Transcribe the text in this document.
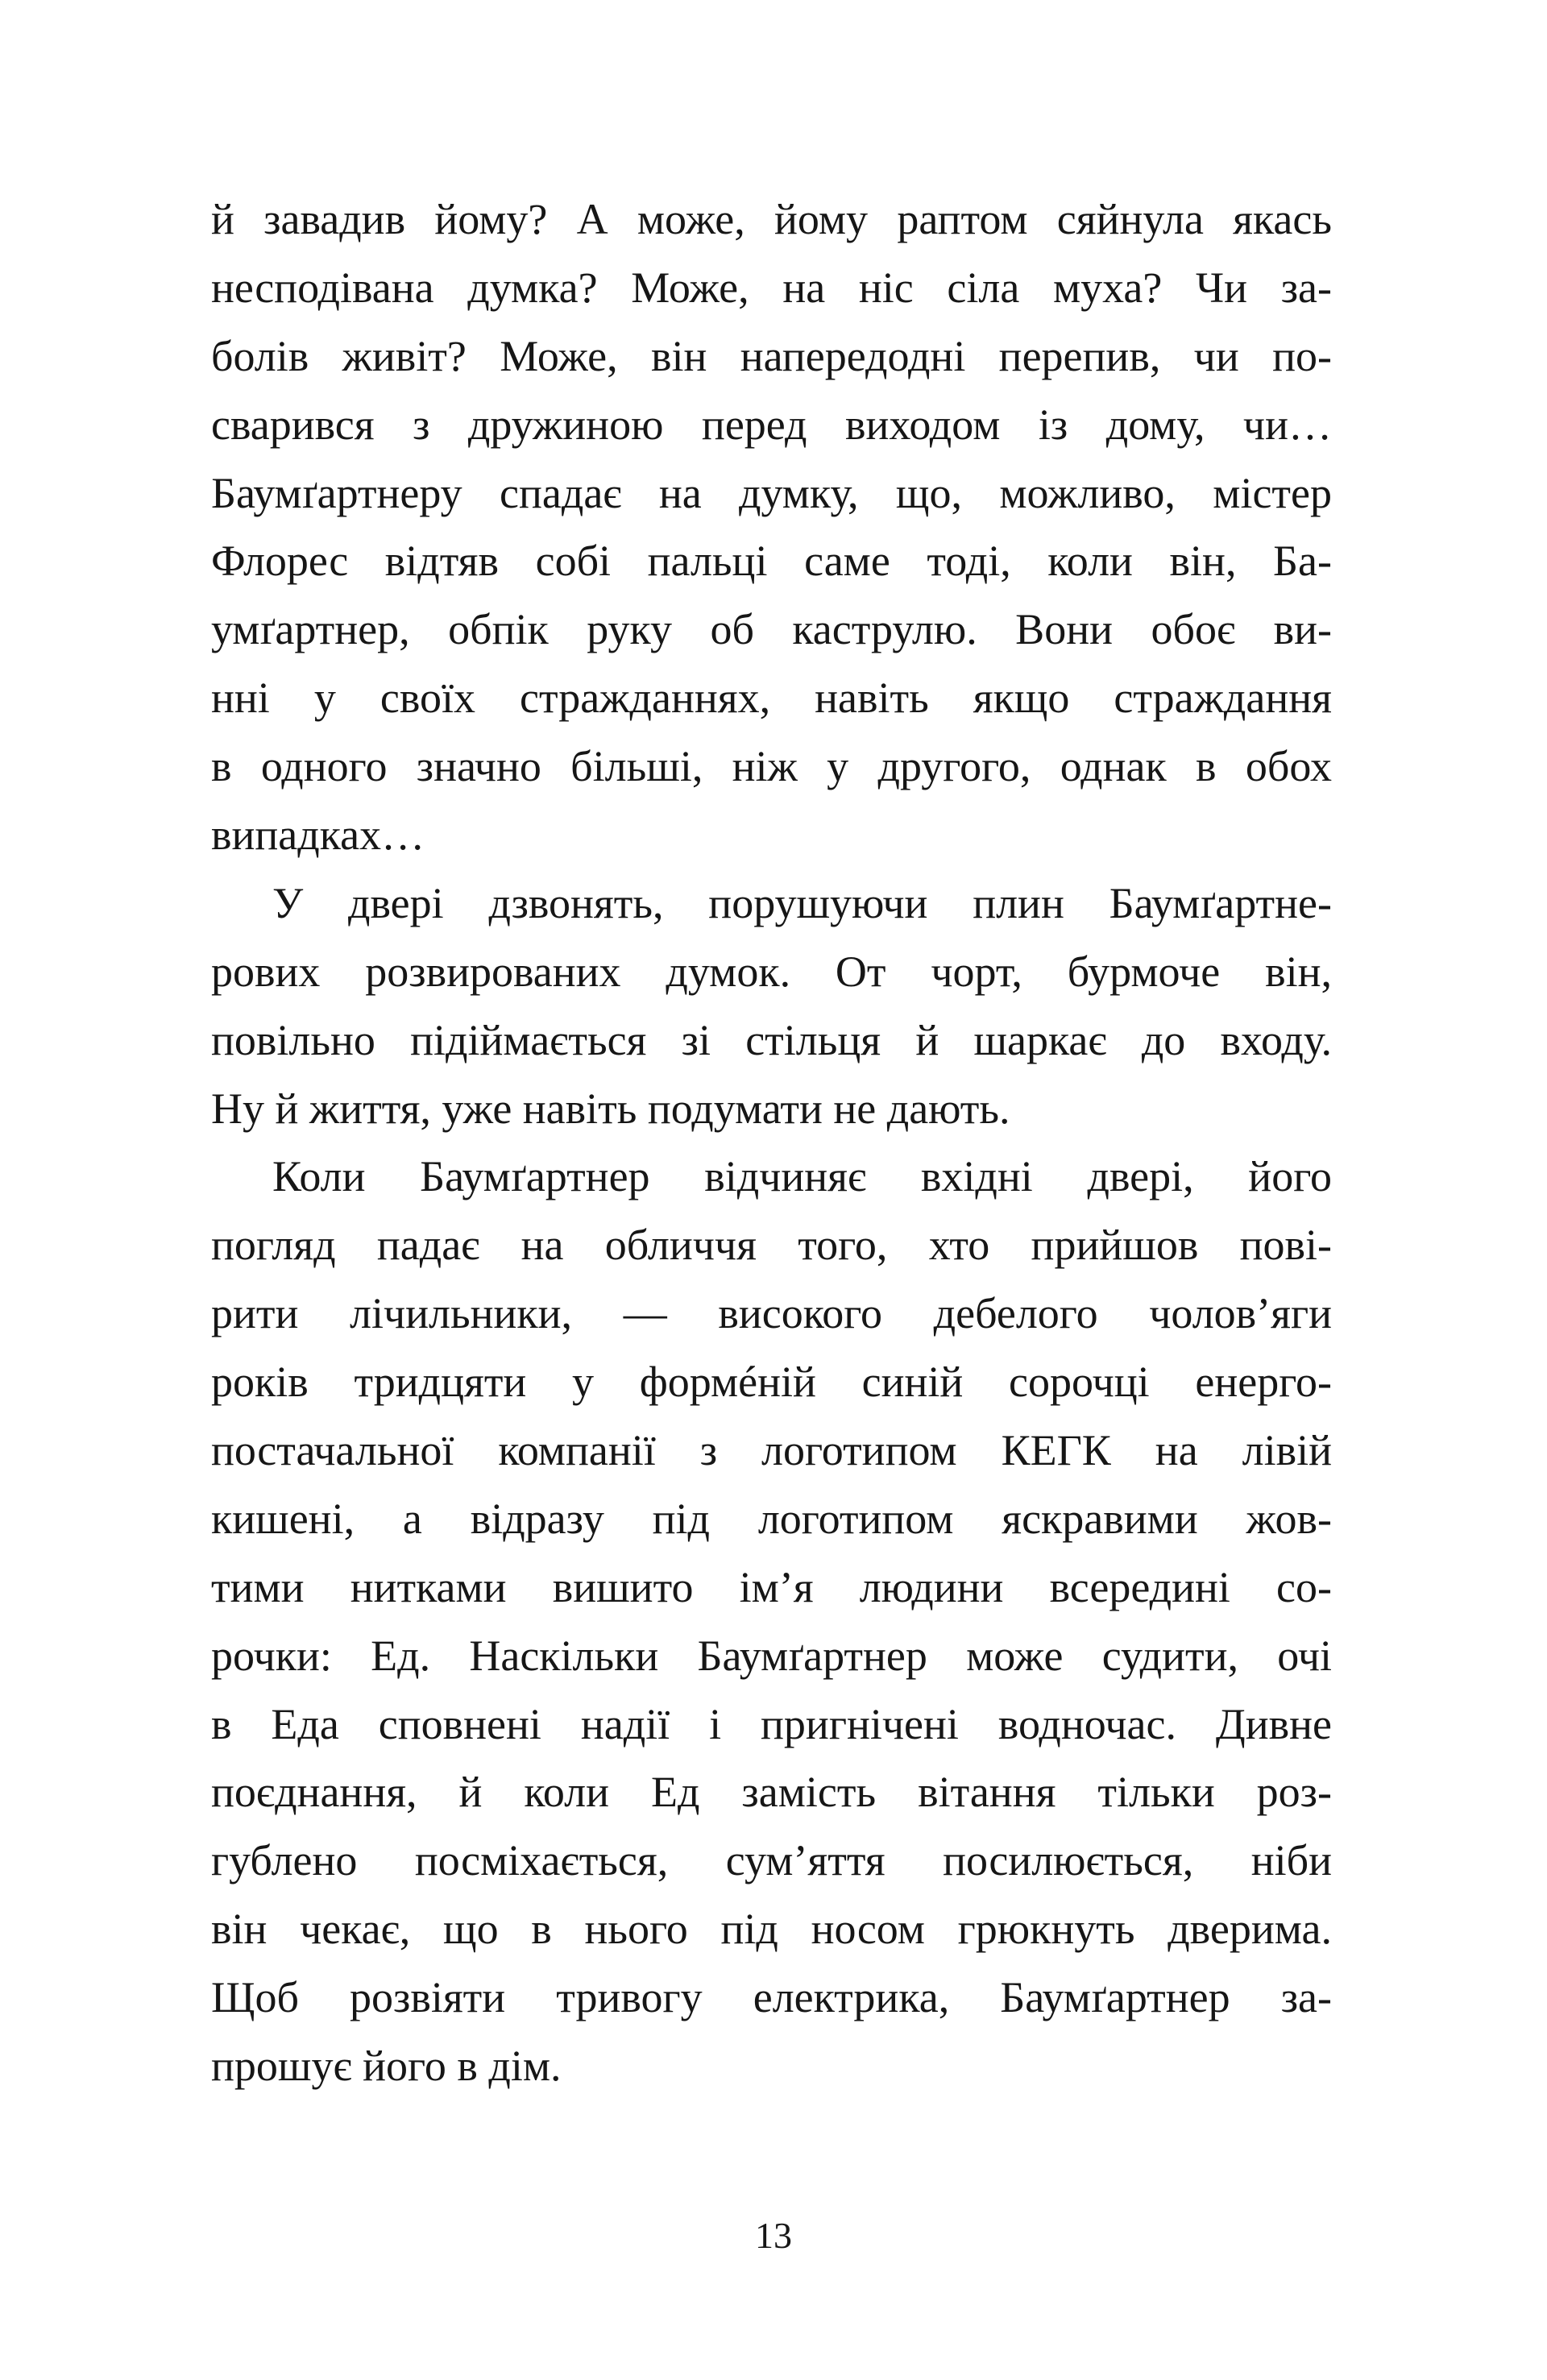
й завадив йому? А може, йому раптом сяйнула якась
несподівана думка? Може, на ніс сіла муха? Чи за-
болів живіт? Може, він напередодні перепив, чи по-
сварився з дружиною перед виходом із дому, чи…
Баумґартнеру спадає на думку, що, можливо, містер
Флорес відтяв собі пальці саме тоді, коли він, Ба-
умґартнер, обпік руку об каструлю. Вони обоє ви-
нні у своїх стражданнях, навіть якщо страждання
в одного значно більші, ніж у другого, однак в обох
випадках…
У двері дзвонять, порушуючи плин Баумґартне-
рових розвированих думок. От чорт, бурмоче він,
повільно підіймається зі стільця й шаркає до входу.
Ну й життя, уже навіть подумати не дають.
Коли Баумґартнер відчиняє вхідні двері, його
погляд падає на обличчя того, хто прийшов пові-
рити лічильники, — високого дебелого чолов’яги
років тридцяти у формéній синій сорочці енерго-
постачальної компанії з логотипом КЕГК на лівій
кишені, а відразу під логотипом яскравими жов-
тими нитками вишито ім’я людини всередині со-
рочки: Ед. Наскільки Баумґартнер може судити, очі
в Еда сповнені надії і пригнічені водночас. Дивне
поєднання, й коли Ед замість вітання тільки роз-
гублено посміхається, сум’яття посилюється, ніби
він чекає, що в нього під носом грюкнуть дверима.
Щоб розвіяти тривогу електрика, Баумґартнер за-
прошує його в дім.
13
